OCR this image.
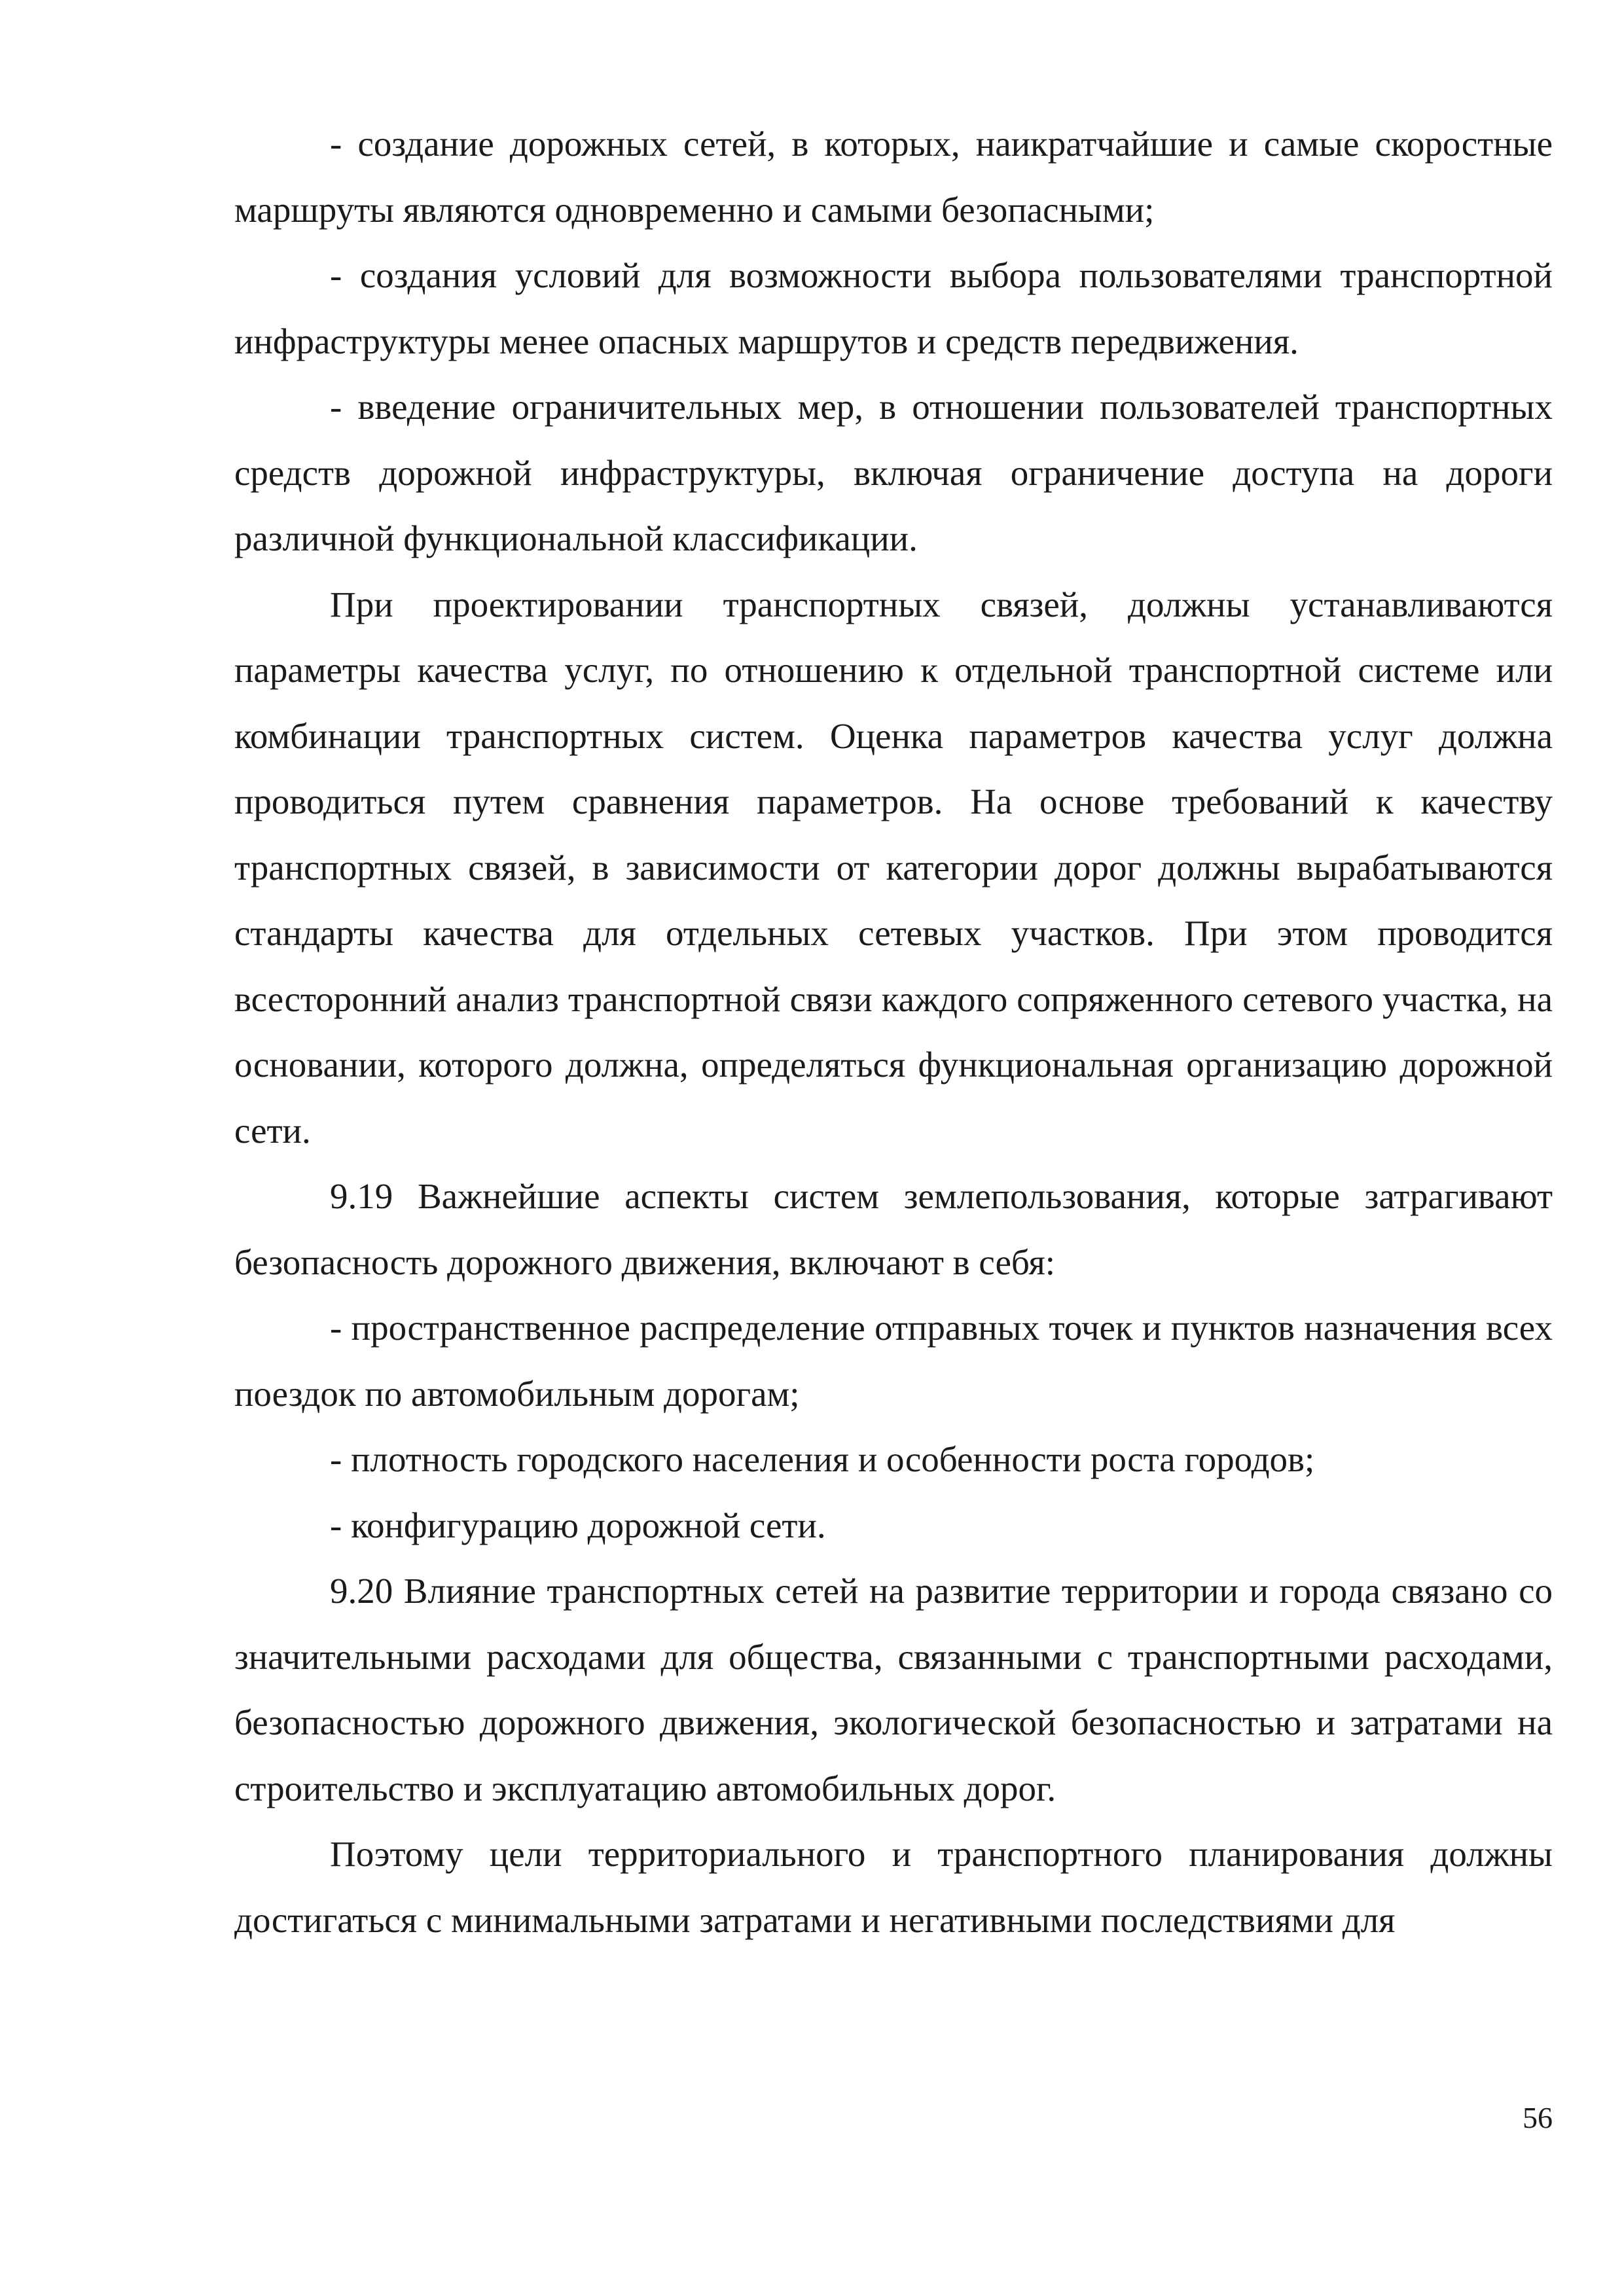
- создание дорожных сетей, в которых, наикратчайшие и самые скоростные маршруты являются одновременно и самыми безопасными;

- создания условий для возможности выбора пользователями транспортной инфраструктуры менее опасных маршрутов и средств передвижения.

- введение ограничительных мер, в отношении пользователей транспортных средств дорожной инфраструктуры, включая ограничение доступа на дороги различной функциональной классификации.

При проектировании транспортных связей, должны устанавливаются параметры качества услуг, по отношению к отдельной транспортной системе или комбинации транспортных систем. Оценка параметров качества услуг должна проводиться путем сравнения параметров. На основе требований к качеству транспортных связей, в зависимости от категории дорог должны вырабатываются стандарты качества для отдельных сетевых участков. При этом проводится всесторонний анализ транспортной связи каждого сопряженного сетевого участка, на основании, которого должна, определяться функциональная организацию дорожной сети.

9.19 Важнейшие аспекты систем землепользования, которые затрагивают безопасность дорожного движения, включают в себя:

- пространственное распределение отправных точек и пунктов назначения всех поездок по автомобильным дорогам;

- плотность городского населения и особенности роста городов;

- конфигурацию дорожной сети.

9.20 Влияние транспортных сетей на развитие территории и города связано со значительными расходами для общества, связанными с транспортными расходами, безопасностью дорожного движения, экологической безопасностью и затратами на строительство и эксплуатацию автомобильных дорог.

Поэтому цели территориального и транспортного планирования должны достигаться с минимальными затратами и негативными последствиями для

56
